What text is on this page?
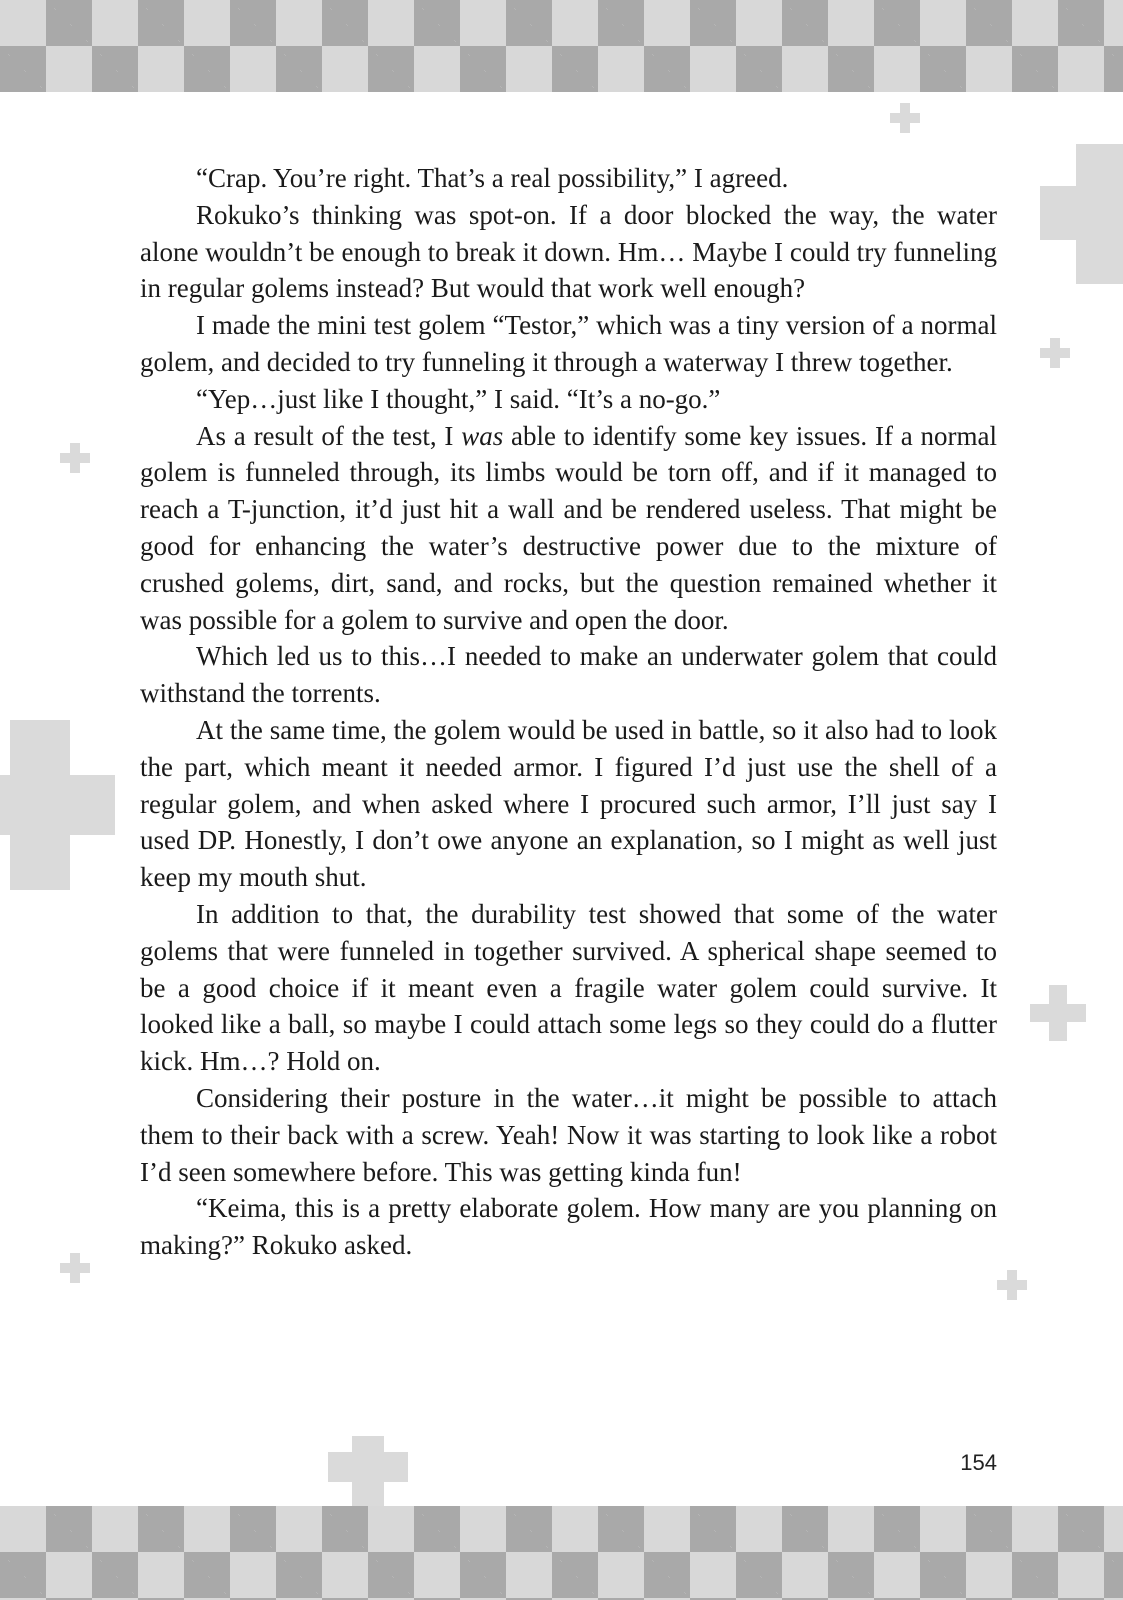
“Crap. You’re right. That’s a real possibility,” I agreed.

Rokuko’s thinking was spot-on. If a door blocked the way, the water alone wouldn’t be enough to break it down. Hm… Maybe I could try funneling in regular golems instead? But would that work well enough?

I made the mini test golem “Testor,” which was a tiny version of a normal golem, and decided to try funneling it through a waterway I threw together.

“Yep…just like I thought,” I said. “It’s a no-go.”

As a result of the test, I was able to identify some key issues. If a normal golem is funneled through, its limbs would be torn off, and if it managed to reach a T-junction, it’d just hit a wall and be rendered useless. That might be good for enhancing the water’s destructive power due to the mixture of crushed golems, dirt, sand, and rocks, but the question remained whether it was possible for a golem to survive and open the door.

Which led us to this…I needed to make an underwater golem that could withstand the torrents.

At the same time, the golem would be used in battle, so it also had to look the part, which meant it needed armor. I figured I’d just use the shell of a regular golem, and when asked where I procured such armor, I’ll just say I used DP. Honestly, I don’t owe anyone an explanation, so I might as well just keep my mouth shut.

In addition to that, the durability test showed that some of the water golems that were funneled in together survived. A spherical shape seemed to be a good choice if it meant even a fragile water golem could survive. It looked like a ball, so maybe I could attach some legs so they could do a flutter kick. Hm…? Hold on.

Considering their posture in the water…it might be possible to attach them to their back with a screw. Yeah! Now it was starting to look like a robot I’d seen somewhere before. This was getting kinda fun!

“Keima, this is a pretty elaborate golem. How many are you planning on making?” Rokuko asked.

154
